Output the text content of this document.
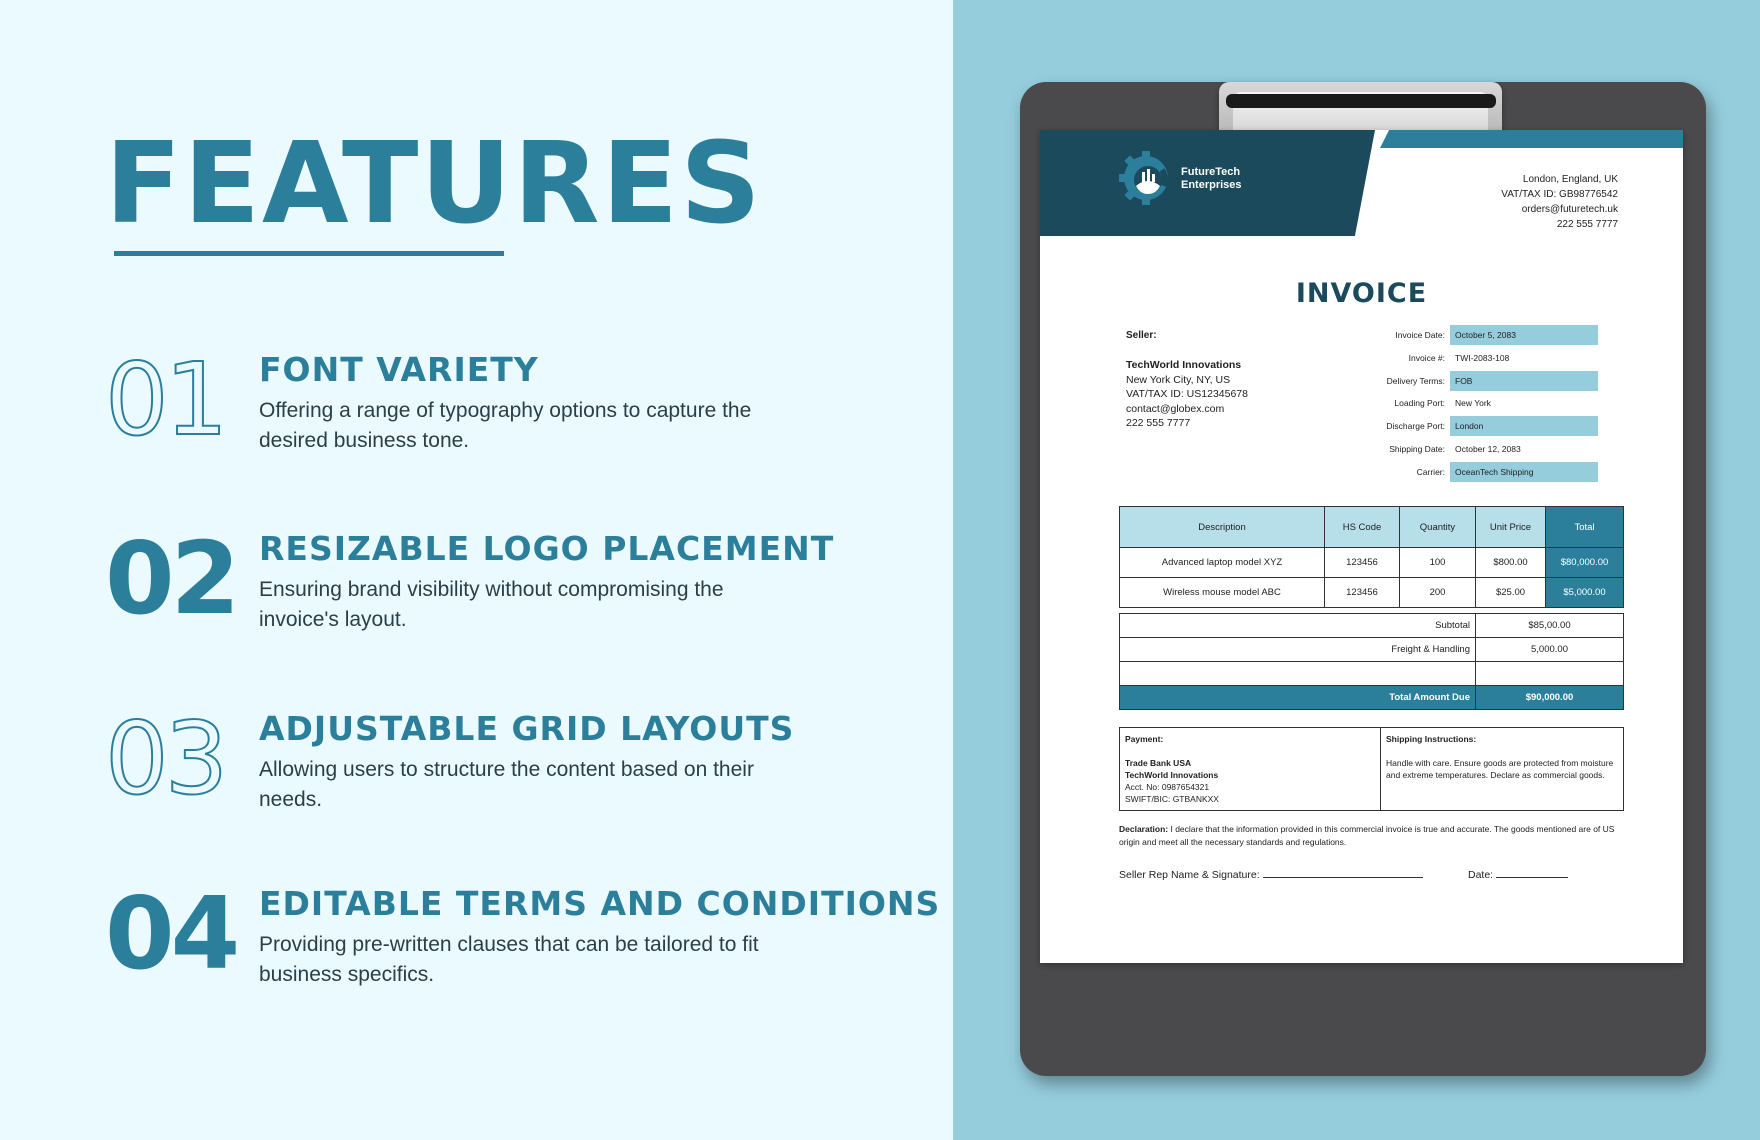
FEATURES
01	FONT VARIETY
Offering a range of typography options to capture the desired business tone.
02 RESIZABLE LOGO PLACEMENT
Ensuring brand visibility without compromising the invoice's layout.
03	ADJUSTABLE GRID LAYOUTS
Allowing users to structure the content based on their needs.
04 EDITABLE TERMS AND CONDITIONS
Providing pre-written clauses that can be tailored to fit business specifics.
FutureTech
Enterprises	London, England, UK
VAT/TAX ID: GB98776542
orders@futuretech.uk
222 555 7777
INVOICE
Seller:
TechWorld Innovations
New York City, NY, US
VAT/TAX ID: US12345678
contact@globex.com
222 555 7777
Invoice Date:	October 5, 2083
Invoice #:	TWI-2083-108
Delivery Terms:	FOB
Loading Port:	New York
Discharge Port:	London
Shipping Date:	October 12, 2083
Carrier:	OceanTech Shipping
Description	HS Code	Quantity	Unit Price	Total
Advanced laptop model XYZ	123456	100	$800.00	$80,000.00
Wireless mouse model ABC	123456	200	$25.00	$5,000.00
Subtotal	$85,00.00
Freight & Handling	5,000.00

Total Amount Due	$90,000.00
Payment:
Trade Bank USA
TechWorld Innovations
Acct. No: 0987654321
SWIFT/BIC: GTBANKXX
Shipping Instructions:
Handle with care. Ensure goods are protected from moisture and extreme temperatures. Declare as commercial goods.
Declaration: I declare that the information provided in this commercial invoice is true and accurate. The goods mentioned are of US origin and meet all the necessary standards and regulations.
Seller Rep Name & Signature:	Date:
